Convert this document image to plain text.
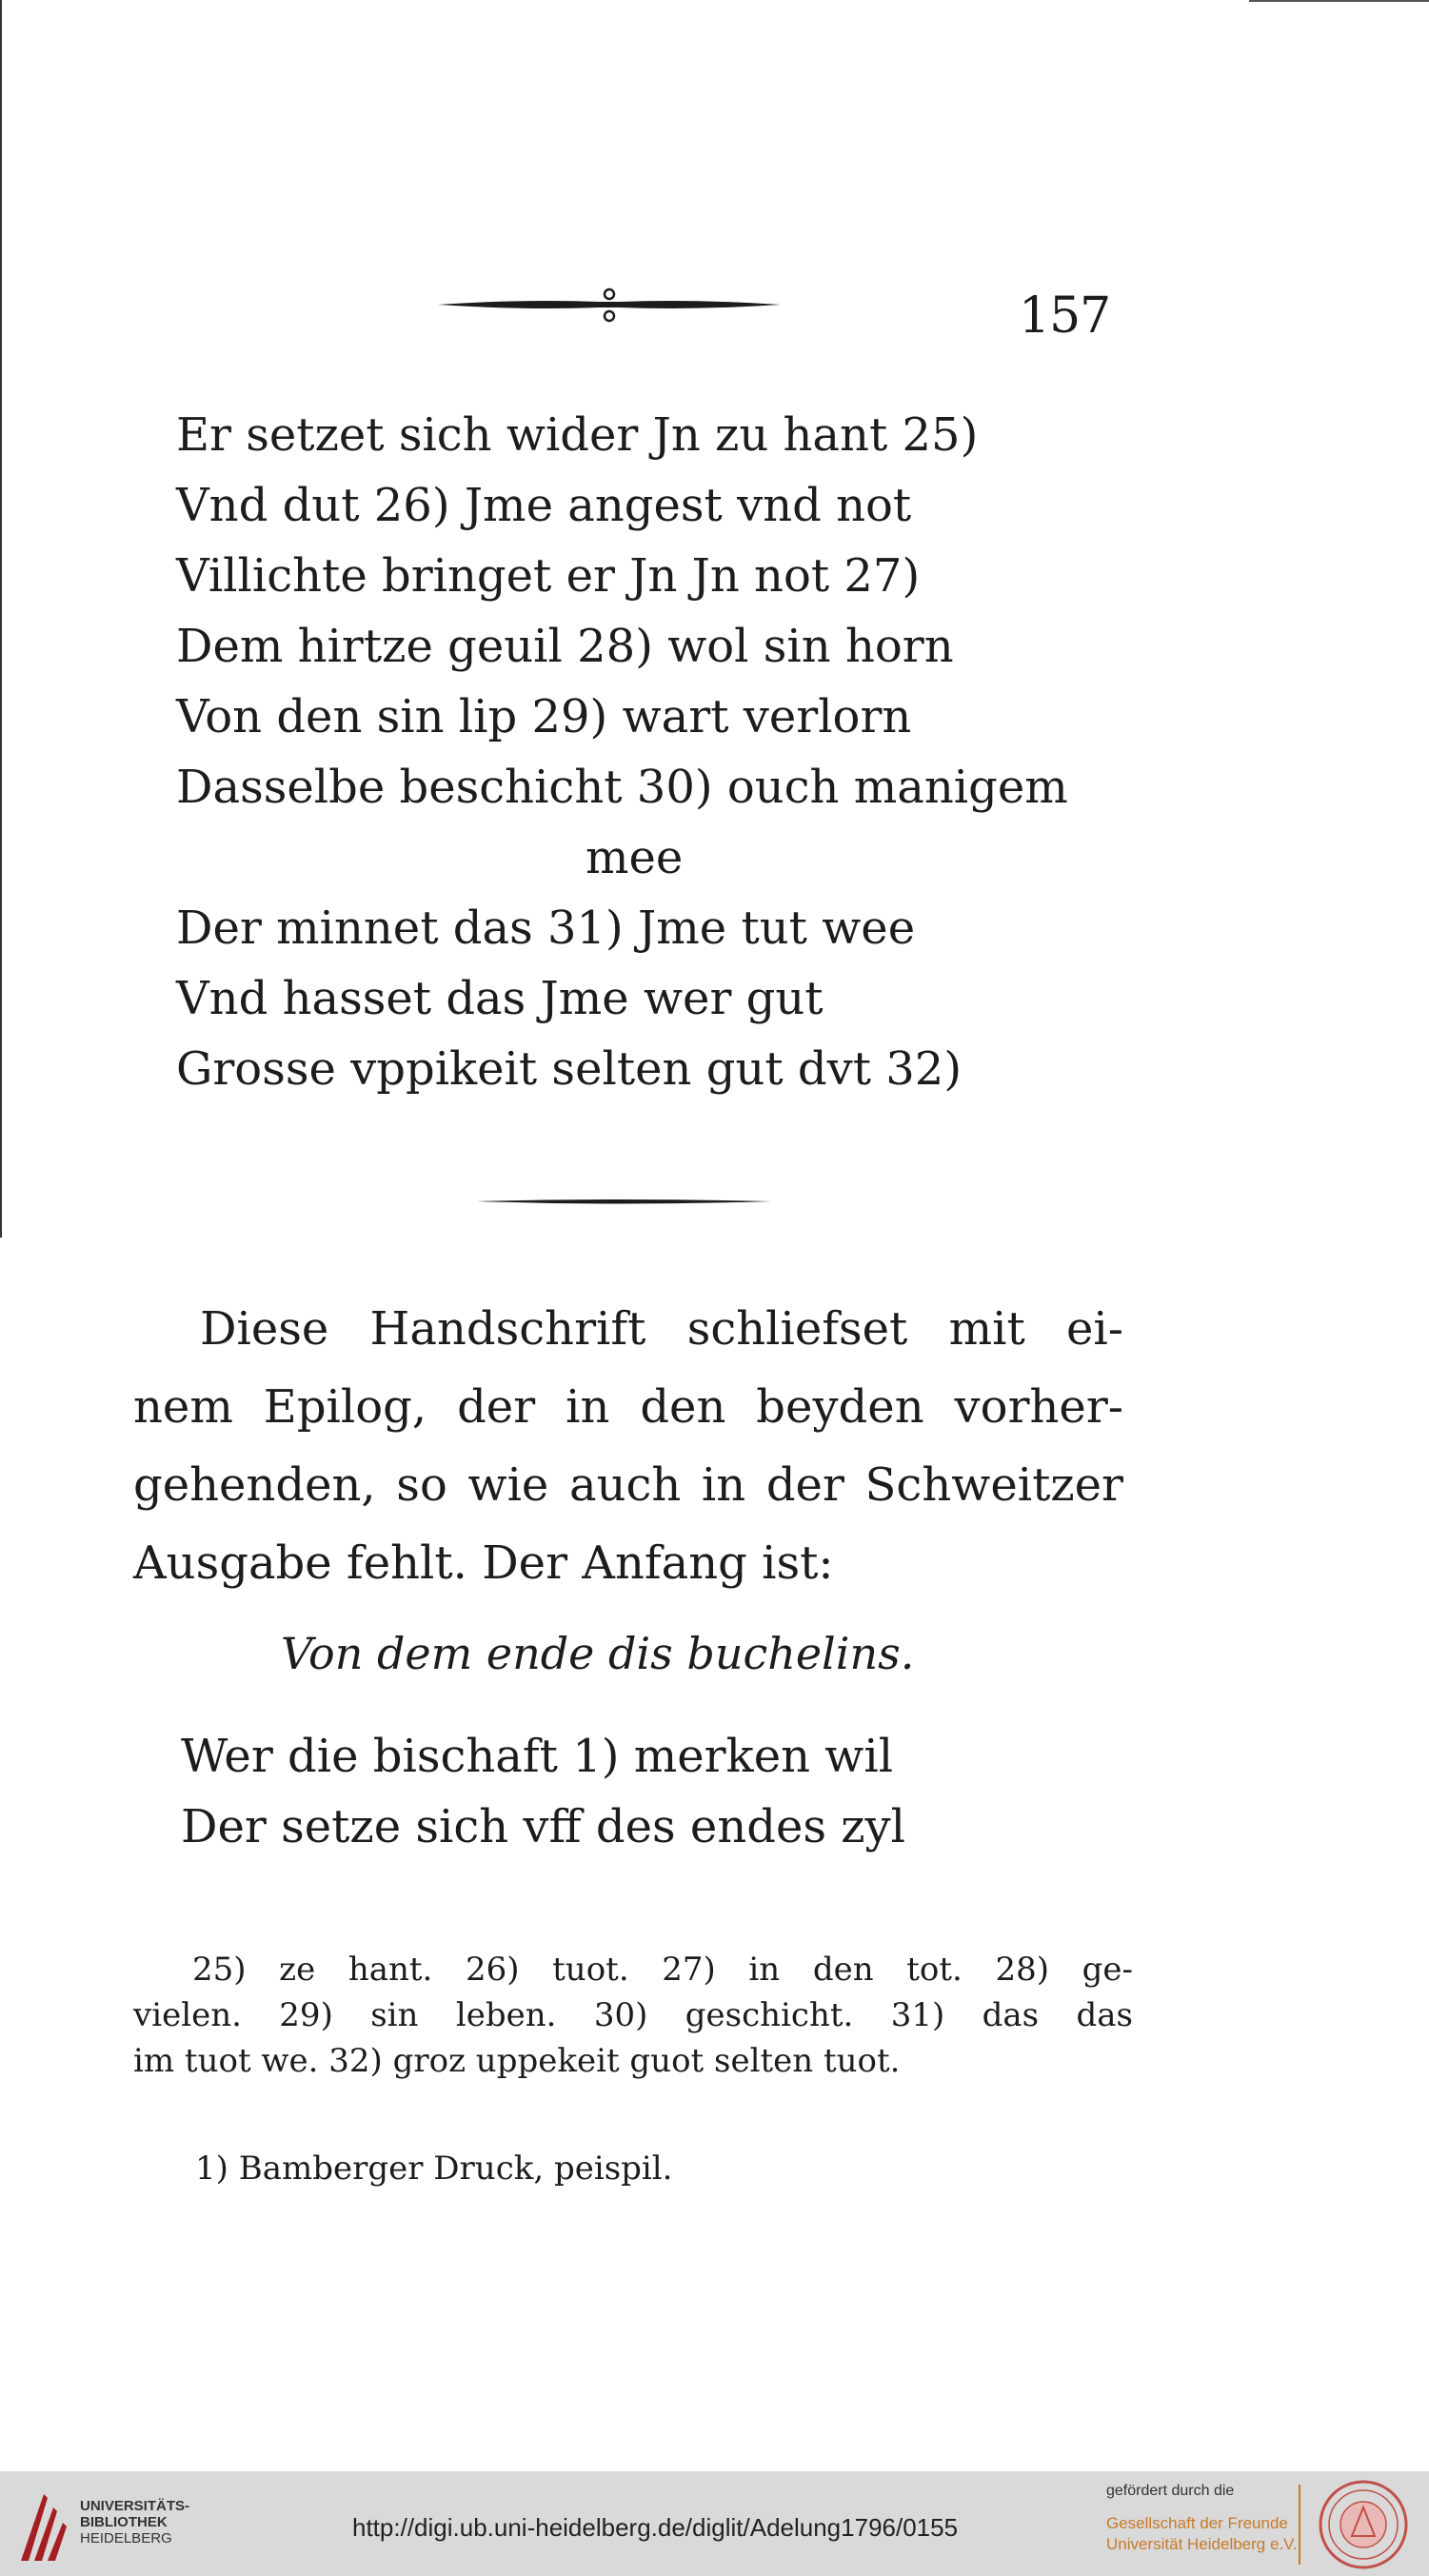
157
Er setzet sich wider Jn zu hant 25)
Vnd dut 26) Jme angest vnd not
Villichte bringet er Jn Jn not 27)
Dem hirtze geuil 28) wol sin horn
Von den sin lip 29) wart verlorn
Dasselbe beschicht 30) ouch manigem
mee
Der minnet das 31) Jme tut wee
Vnd hasset das Jme wer gut
Grosse vppikeit selten gut dvt 32)
Diese Handschrift schliefset mit ei-
nem Epilog, der in den beyden vorher-
gehenden, so wie auch in der Schweitzer
Ausgabe fehlt. Der Anfang ist:
Von dem ende dis buchelins.
Wer die bischaft 1) merken wil
Der setze sich vff des endes zyl
25) ze hant. 26) tuot. 27) in den tot. 28) ge-
vielen. 29) sin leben. 30) geschicht. 31) das das
im tuot we. 32) groz uppekeit guot selten tuot.
1) Bamberger Druck, peispil.
UNIVERSITÄTS-
BIBLIOTHEK
HEIDELBERG	http://digi.ub.uni-heidelberg.de/diglit/Adelung1796/0155
gefördert durch die
Gesellschaft der Freunde
Universität Heidelberg e.V.
